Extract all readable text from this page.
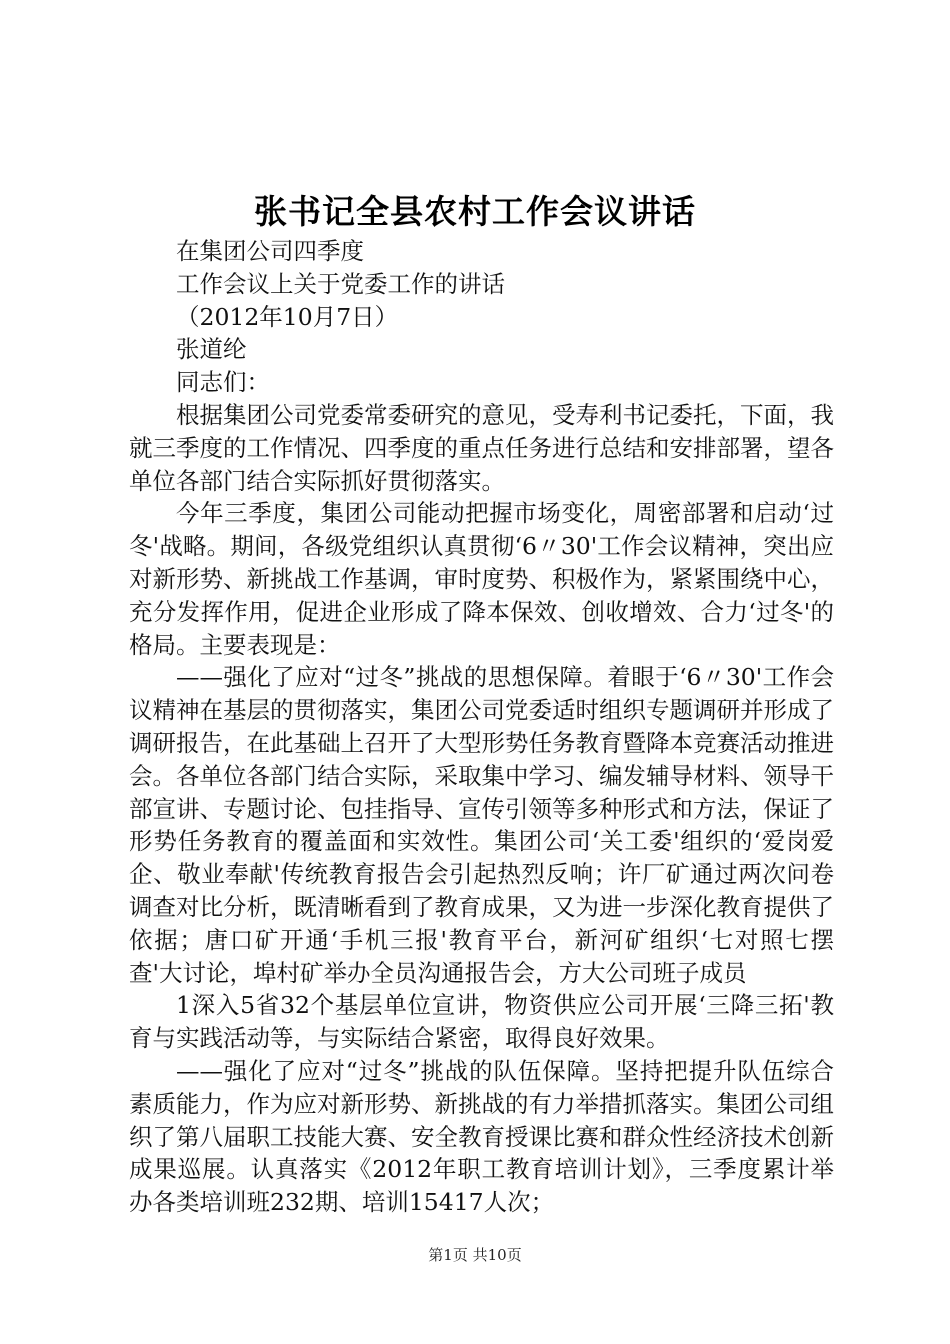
张书记全县农村工作会议讲话

在集团公司四季度

工作会议上关于党委工作的讲话

（2012年10月7日）

张道纶

同志们：

根据集团公司党委常委研究的意见，受寿利书记委托，下面，我就三季度的工作情况、四季度的重点任务进行总结和安排部署，望各单位各部门结合实际抓好贯彻落实。

今年三季度，集团公司能动把握市场变化，周密部署和启动‘过冬'战略。期间，各级党组织认真贯彻‘6〃30'工作会议精神，突出应对新形势、新挑战工作基调，审时度势、积极作为，紧紧围绕中心，充分发挥作用，促进企业形成了降本保效、创收增效、合力‘过冬'的格局。主要表现是：

——强化了应对“过冬”挑战的思想保障。着眼于‘6〃30'工作会议精神在基层的贯彻落实，集团公司党委适时组织专题调研并形成了调研报告，在此基础上召开了大型形势任务教育暨降本竞赛活动推进会。各单位各部门结合实际，采取集中学习、编发辅导材料、领导干部宣讲、专题讨论、包挂指导、宣传引领等多种形式和方法，保证了形势任务教育的覆盖面和实效性。集团公司‘关工委'组织的‘爱岗爱企、敬业奉献'传统教育报告会引起热烈反响；许厂矿通过两次问卷调查对比分析，既清晰看到了教育成果，又为进一步深化教育提供了依据；唐口矿开通‘手机三报'教育平台，新河矿组织‘七对照七摆查'大讨论，埠村矿举办全员沟通报告会，方大公司班子成员

1深入5省32个基层单位宣讲，物资供应公司开展‘三降三拓'教育与实践活动等，与实际结合紧密，取得良好效果。

——强化了应对“过冬”挑战的队伍保障。坚持把提升队伍综合素质能力，作为应对新形势、新挑战的有力举措抓落实。集团公司组织了第八届职工技能大赛、安全教育授课比赛和群众性经济技术创新成果巡展。认真落实《2012年职工教育培训计划》，三季度累计举办各类培训班232期、培训15417人次；

第1页 共10页
